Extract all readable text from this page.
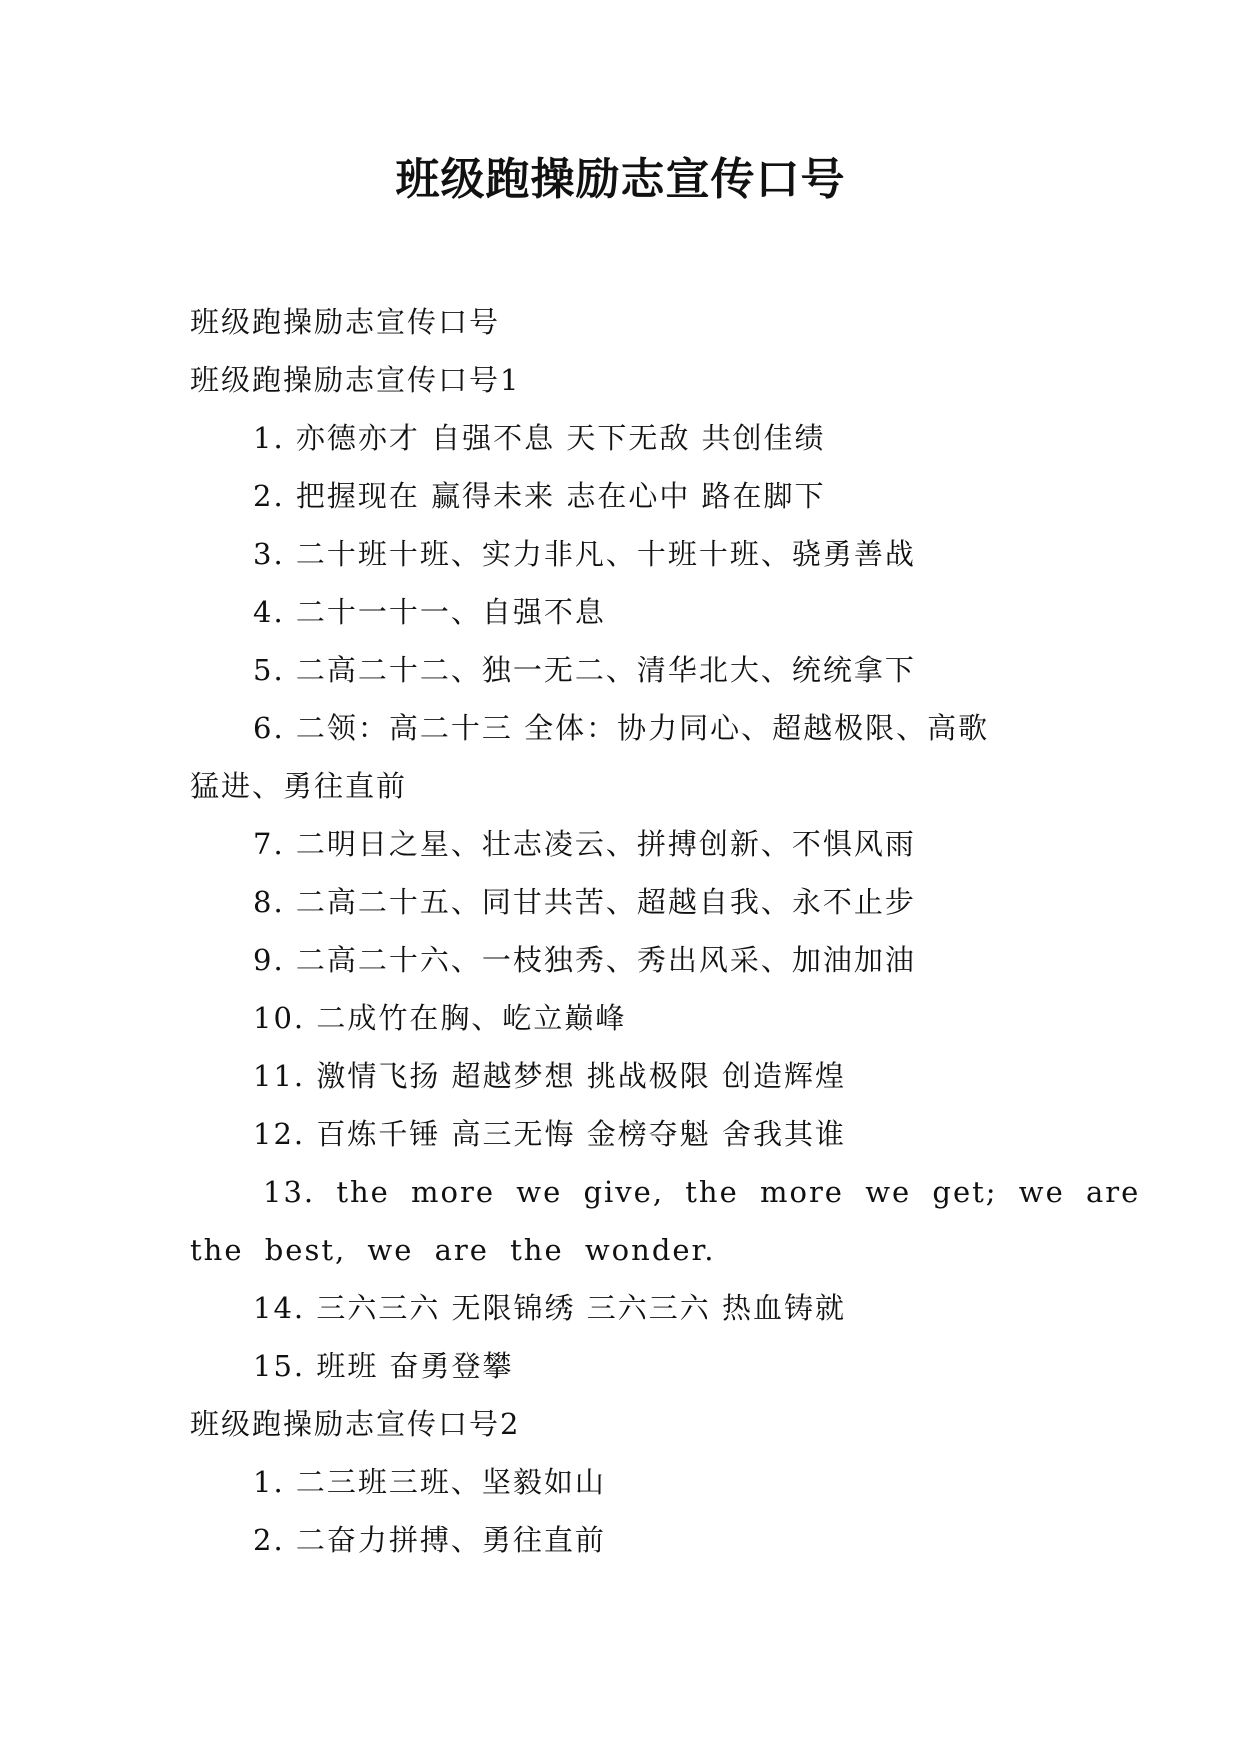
班级跑操励志宣传口号

班级跑操励志宣传口号

班级跑操励志宣传口号1

1. 亦德亦才 自强不息 天下无敌 共创佳绩

2. 把握现在 赢得未来 志在心中 路在脚下

3. 二十班十班、实力非凡、十班十班、骁勇善战

4. 二十一十一、自强不息

5. 二高二十二、独一无二、清华北大、统统拿下

6. 二领：高二十三 全体：协力同心、超越极限、高歌

猛进、勇往直前

7. 二明日之星、壮志凌云、拼搏创新、不惧风雨

8. 二高二十五、同甘共苦、超越自我、永不止步

9. 二高二十六、一枝独秀、秀出风采、加油加油

10. 二成竹在胸、屹立巅峰

11. 激情飞扬 超越梦想 挑战极限 创造辉煌

12. 百炼千锤 高三无悔 金榜夺魁 舍我其谁

13. the more we give, the more we get; we are

the best, we are the wonder.

14. 三六三六 无限锦绣 三六三六 热血铸就

15. 班班 奋勇登攀

班级跑操励志宣传口号2

1. 二三班三班、坚毅如山

2. 二奋力拼搏、勇往直前
